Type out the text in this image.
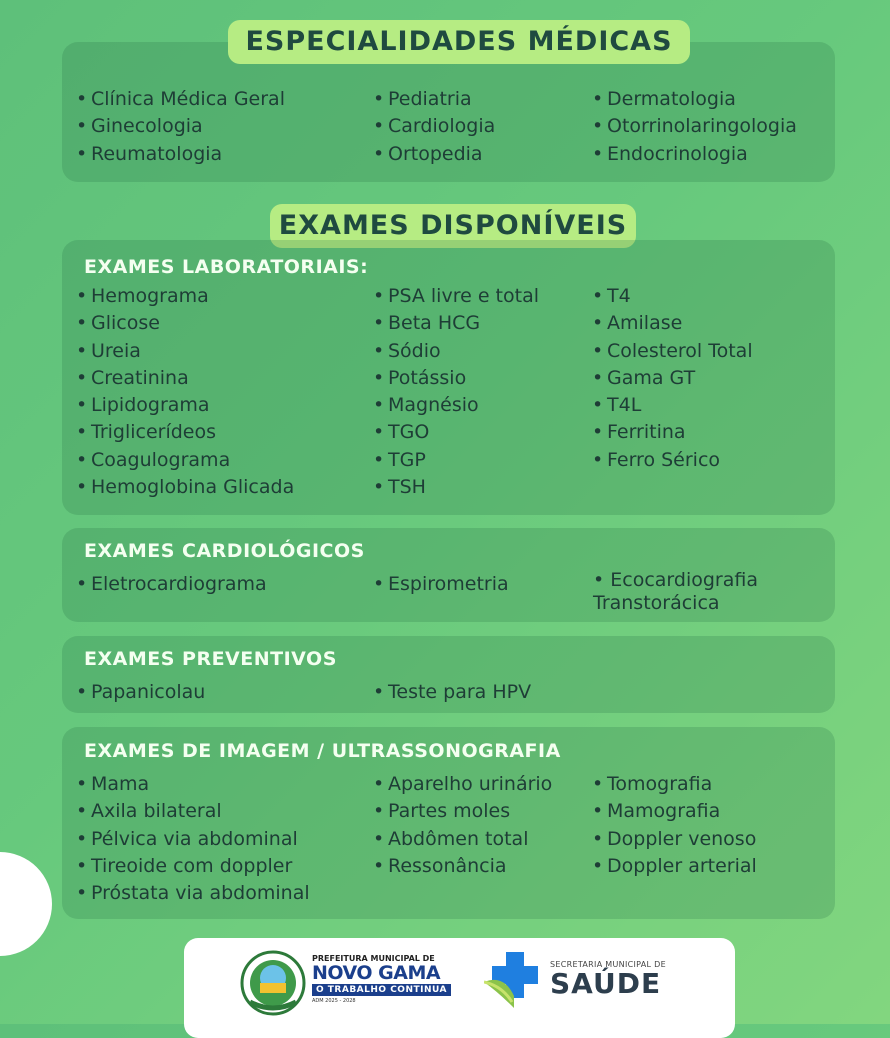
• Clínica Médica Geral
• Ginecologia
• Reumatologia
• Pediatria
• Cardiologia
• Ortopedia
• Dermatologia
• Otorrinolaringologia
• Endocrinologia
ESPECIALIDADES MÉDICAS
EXAMES DISPONÍVEIS
EXAMES LABORATORIAIS:
• Hemograma
• Glicose
• Ureia
• Creatinina
• Lipidograma
• Triglicerídeos
• Coagulograma
• Hemoglobina Glicada
• PSA livre e total
• Beta HCG
• Sódio
• Potássio
• Magnésio
• TGO
• TGP
• TSH
• T4
• Amilase
• Colesterol Total
• Gama GT
• T4L
• Ferritina
• Ferro Sérico
EXAMES CARDIOLÓGICOS
• Eletrocardiograma	• Espirometria	• Ecocardiografia
Transtorácica
EXAMES PREVENTIVOS
• Papanicolau	• Teste para HPV
EXAMES DE IMAGEM / ULTRASSONOGRAFIA
• Mama
• Axila bilateral
• Pélvica via abdominal
• Tireoide com doppler
• Próstata via abdominal
• Aparelho urinário
• Partes moles
• Abdômen total
• Ressonância
• Tomografia
• Mamografia
• Doppler venoso
• Doppler arterial
PREFEITURA MUNICIPAL DE
NOVO GAMA
O TRABALHO CONTINUA
ADM 2025 - 2028
SECRETARIA MUNICIPAL DE
SAÚDE
